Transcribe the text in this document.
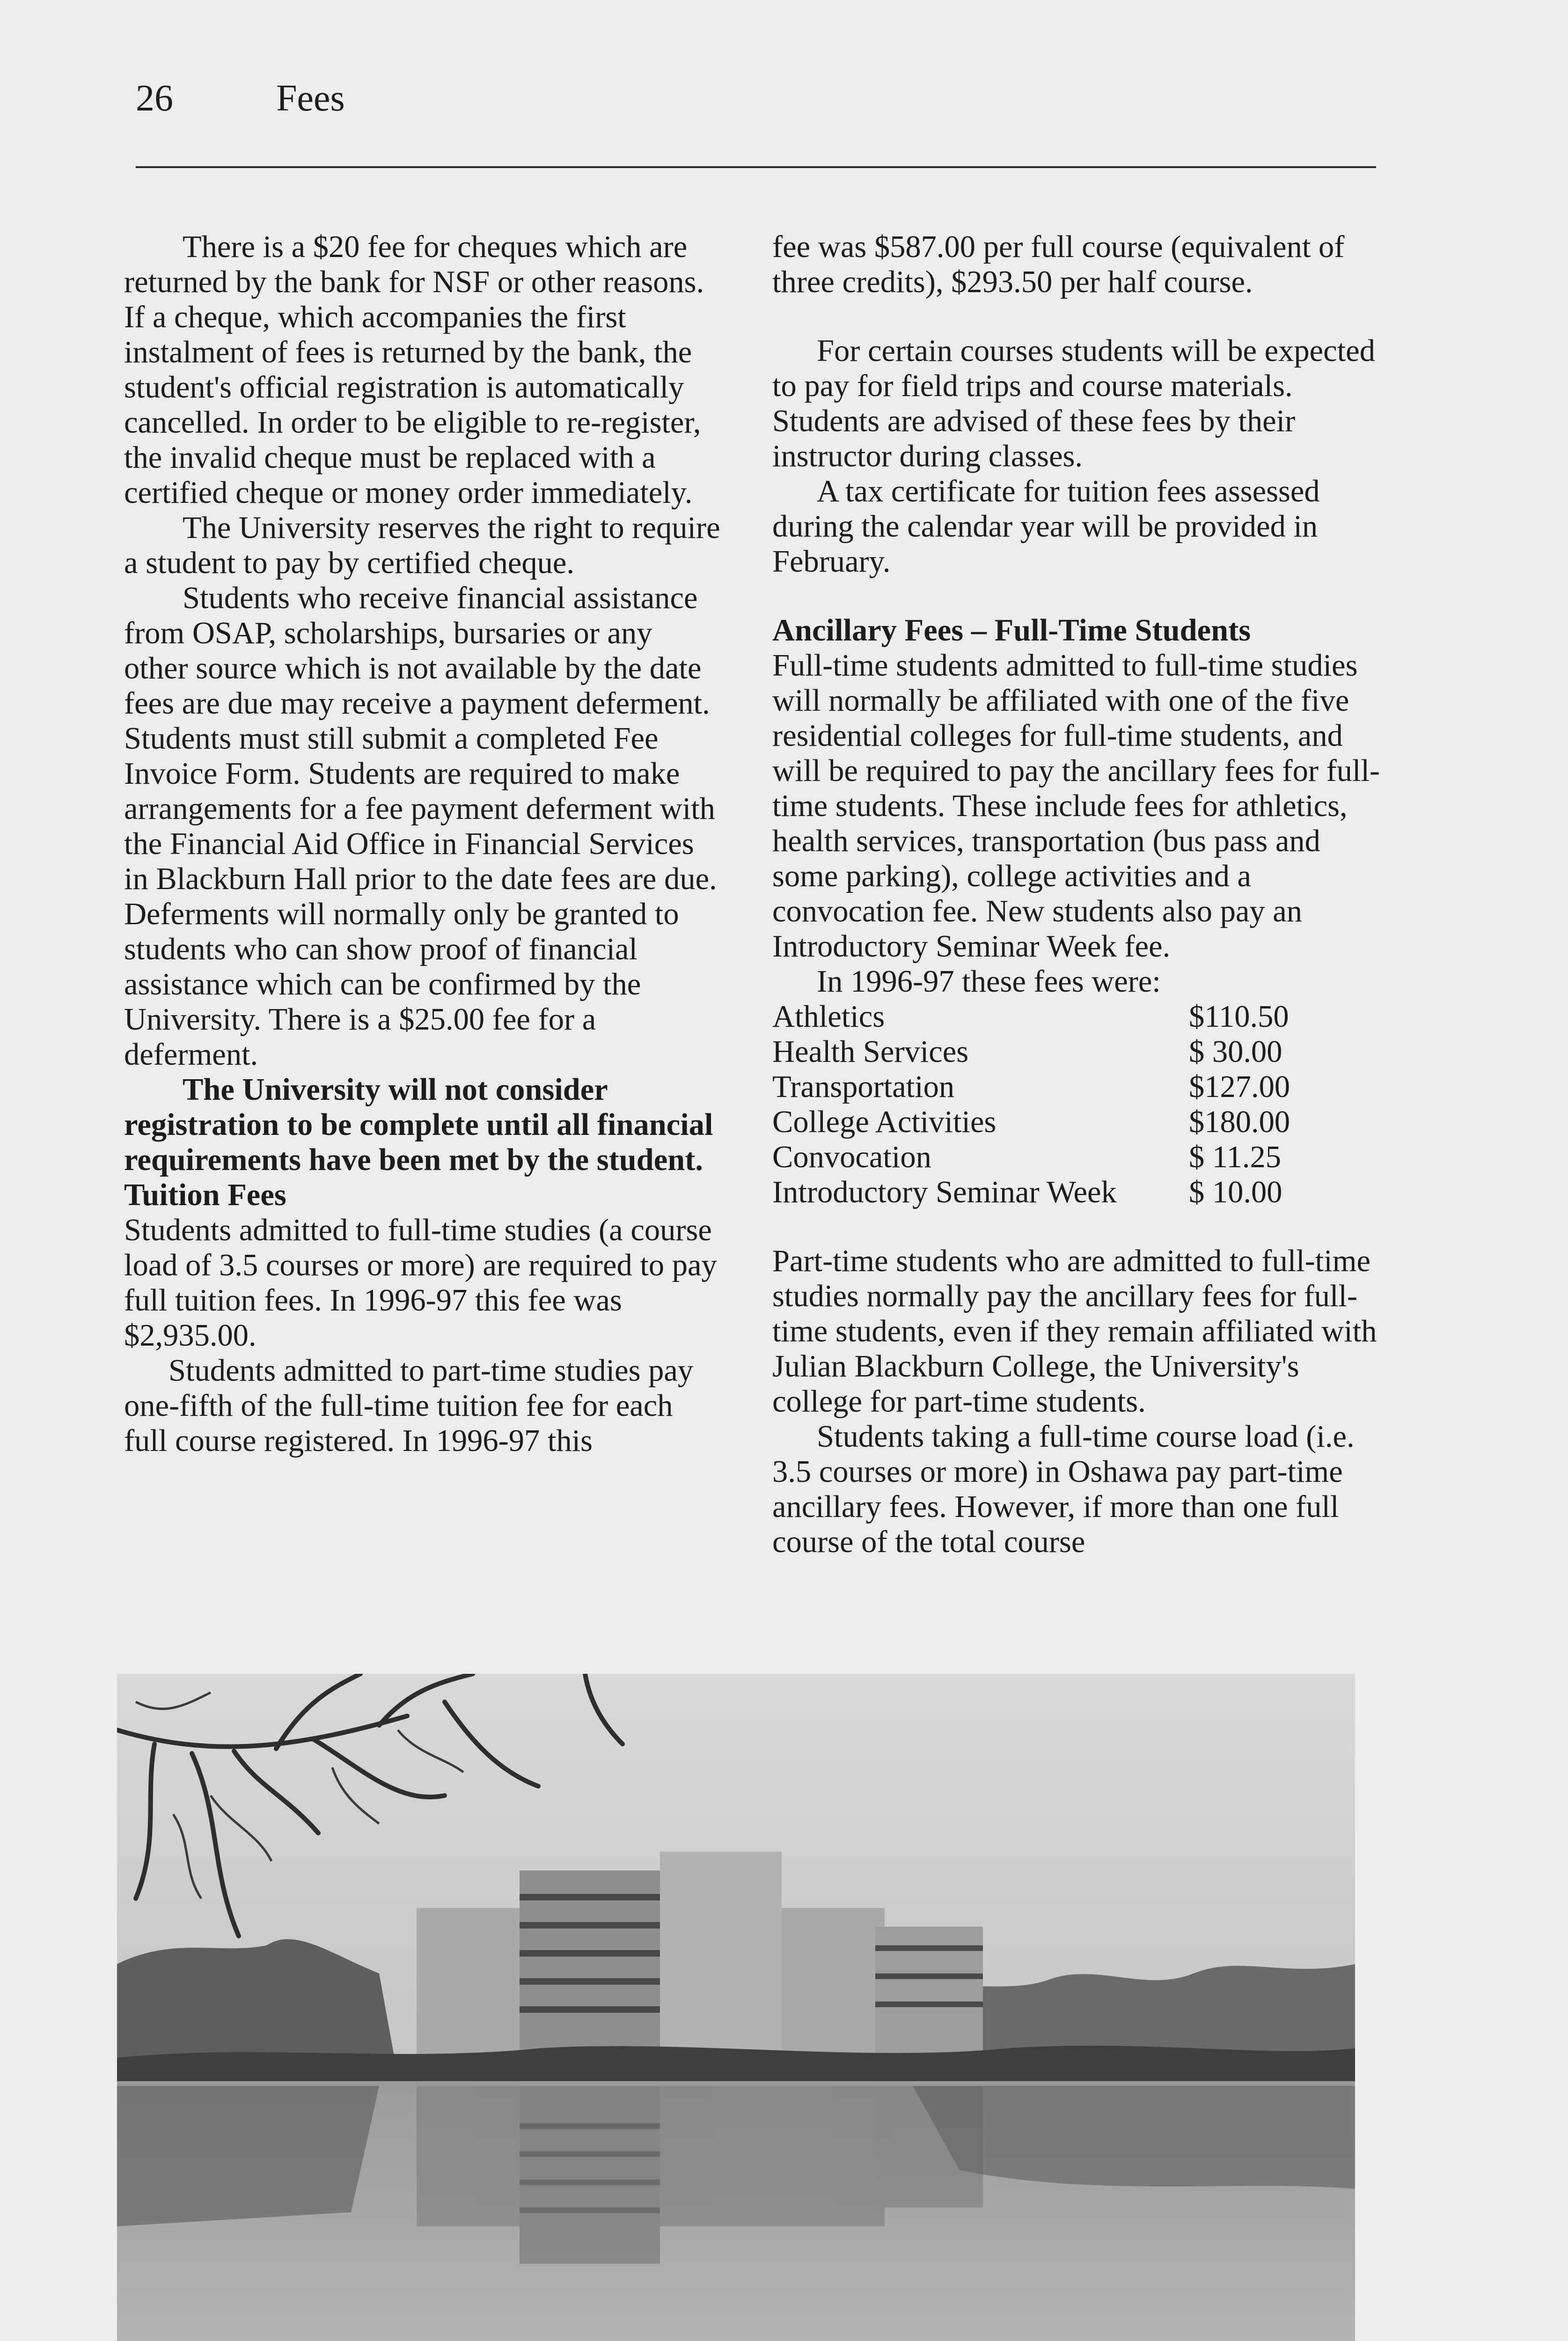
26	Fees

There is a $20 fee for cheques which are returned by the bank for NSF or other reasons. If a cheque, which accompanies the first instalment of fees is returned by the bank, the student's official registration is automatically cancelled. In order to be eligible to re-register, the invalid cheque must be replaced with a certified cheque or money order immediately.

The University reserves the right to require a student to pay by certified cheque.

Students who receive financial assistance from OSAP, scholarships, bursaries or any other source which is not available by the date fees are due may receive a payment deferment. Students must still submit a completed Fee Invoice Form. Students are required to make arrangements for a fee payment deferment with the Financial Aid Office in Financial Services in Blackburn Hall prior to the date fees are due. Deferments will normally only be granted to students who can show proof of financial assistance which can be confirmed by the University. There is a $25.00 fee for a deferment.

The University will not consider registration to be complete until all financial requirements have been met by the student.

Tuition Fees

Students admitted to full-time studies (a course load of 3.5 courses or more) are required to pay full tuition fees. In 1996-97 this fee was $2,935.00.

Students admitted to part-time studies pay one-fifth of the full-time tuition fee for each full course registered. In 1996-97 this

fee was $587.00 per full course (equivalent of three credits), $293.50 per half course.

For certain courses students will be expected to pay for field trips and course materials. Students are advised of these fees by their instructor during classes.

A tax certificate for tuition fees assessed during the calendar year will be provided in February.

Ancillary Fees – Full-Time Students

Full-time students admitted to full-time studies will normally be affiliated with one of the five residential colleges for full-time students, and will be required to pay the ancillary fees for full-time students. These include fees for athletics, health services, transportation (bus pass and some parking), college activities and a convocation fee. New students also pay an Introductory Seminar Week fee.

In 1996-97 these fees were:

Athletics	$110.50
Health Services	$ 30.00
Transportation	$127.00
College Activities	$180.00
Convocation	$ 11.25
Introductory Seminar Week	$ 10.00

Part-time students who are admitted to full-time studies normally pay the ancillary fees for full-time students, even if they remain affiliated with Julian Blackburn College, the University's college for part-time students.

Students taking a full-time course load (i.e. 3.5 courses or more) in Oshawa pay part-time ancillary fees. However, if more than one full course of the total course
